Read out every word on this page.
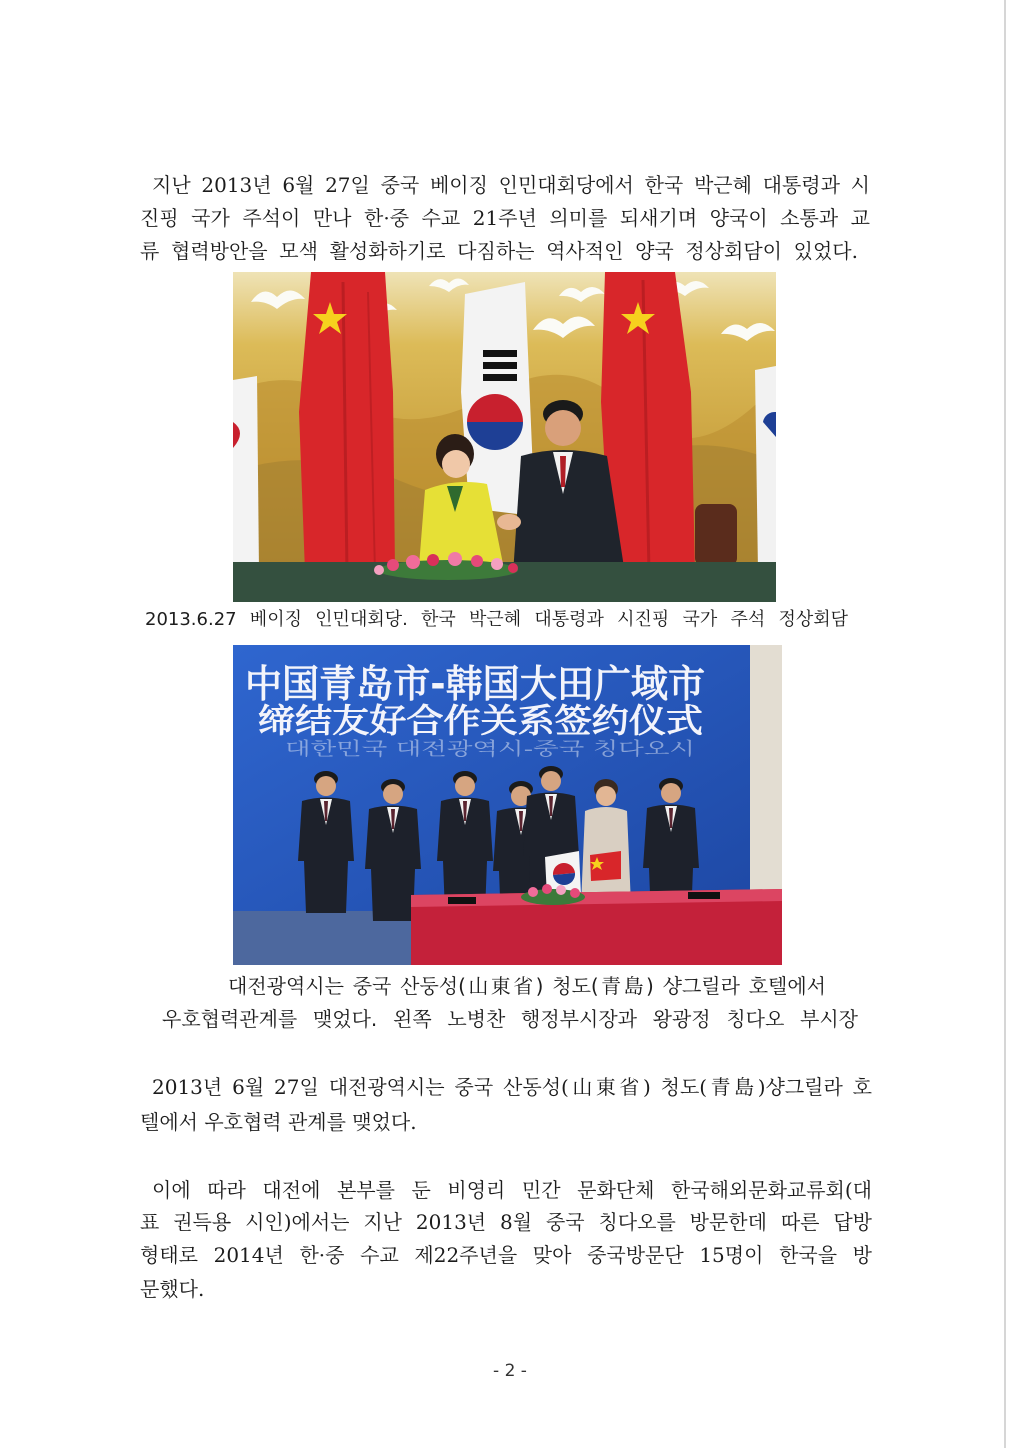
지난 2013년 6월 27일 중국 베이징 인민대회당에서 한국 박근혜 대통령과 시
진핑 국가 주석이 만나 한·중 수교 21주년 의미를 되새기며 양국이 소통과 교
류 협력방안을 모색 활성화하기로 다짐하는 역사적인 양국 정상회담이 있었다.
2013.6.27 베이징 인민대회당. 한국 박근혜 대통령과 시진핑 국가 주석 정상회담
中国青岛市-韩国大田广域市
缔结友好合作关系签约仪式
대한민국 대전광역시-중국 칭다오시
대전광역시는 중국 산둥성(山東省) 청도(青島) 샹그릴라 호텔에서
우호협력관계를 맺었다. 왼쪽 노병찬 행정부시장과 왕광정 칭다오 부시장
2013년 6월 27일 대전광역시는 중국 산동성(山東省) 청도(青島)샹그릴라 호
텔에서 우호협력 관계를 맺었다.
이에 따라 대전에 본부를 둔 비영리 민간 문화단체 한국해외문화교류회(대
표 권득용 시인)에서는 지난 2013년 8월 중국 칭다오를 방문한데 따른 답방
형태로 2014년 한·중 수교 제22주년을 맞아 중국방문단 15명이 한국을 방
문했다.
- 2 -
